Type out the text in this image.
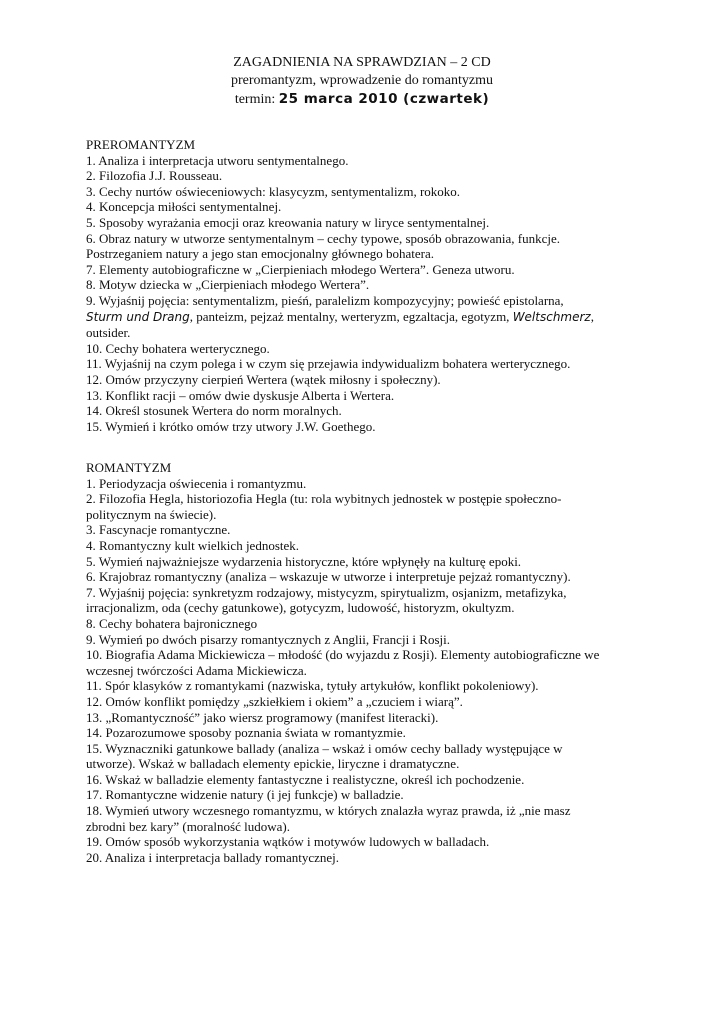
ZAGADNIENIA NA SPRAWDZIAN – 2 CD
preromantyzm, wprowadzenie do romantyzmu
termin: 25 marca 2010 (czwartek)
PREROMANTYZM
1. Analiza i interpretacja utworu sentymentalnego.
2. Filozofia J.J. Rousseau.
3. Cechy nurtów oświeceniowych: klasycyzm, sentymentalizm, rokoko.
4. Koncepcja miłości sentymentalnej.
5. Sposoby wyrażania emocji oraz kreowania natury w liryce sentymentalnej.
6. Obraz natury w utworze sentymentalnym – cechy typowe, sposób obrazowania, funkcje.
Postrzeganiem natury a jego stan emocjonalny głównego bohatera.
7. Elementy autobiograficzne w „Cierpieniach młodego Wertera”. Geneza utworu.
8. Motyw dziecka w „Cierpieniach młodego Wertera”.
9. Wyjaśnij pojęcia: sentymentalizm, pieśń, paralelizm kompozycyjny; powieść epistolarna,
Sturm und Drang, panteizm, pejzaż mentalny, werteryzm, egzaltacja, egotyzm, Weltschmerz,
outsider.
10. Cechy bohatera werterycznego.
11. Wyjaśnij na czym polega i w czym się przejawia indywidualizm bohatera werterycznego.
12. Omów przyczyny cierpień Wertera (wątek miłosny i społeczny).
13. Konflikt racji – omów dwie dyskusje Alberta i Wertera.
14. Określ stosunek Wertera do norm moralnych.
15. Wymień i krótko omów trzy utwory J.W. Goethego.
ROMANTYZM
1. Periodyzacja oświecenia i romantyzmu.
2. Filozofia Hegla, historiozofia Hegla (tu: rola wybitnych jednostek w postępie społeczno-
politycznym na świecie).
3. Fascynacje romantyczne.
4. Romantyczny kult wielkich jednostek.
5. Wymień najważniejsze wydarzenia historyczne, które wpłynęły na kulturę epoki.
6. Krajobraz romantyczny (analiza – wskazuje w utworze i interpretuje pejzaż romantyczny).
7. Wyjaśnij pojęcia: synkretyzm rodzajowy, mistycyzm, spirytualizm, osjanizm, metafizyka,
irracjonalizm, oda (cechy gatunkowe), gotycyzm, ludowość, historyzm, okultyzm.
8. Cechy bohatera bajronicznego
9. Wymień po dwóch pisarzy romantycznych z Anglii, Francji i Rosji.
10. Biografia Adama Mickiewicza – młodość (do wyjazdu z Rosji). Elementy autobiograficzne we
wczesnej twórczości Adama Mickiewicza.
11. Spór klasyków z romantykami (nazwiska, tytuły artykułów, konflikt pokoleniowy).
12. Omów konflikt pomiędzy „szkiełkiem i okiem” a „czuciem i wiarą”.
13. „Romantyczność” jako wiersz programowy (manifest literacki).
14. Pozarozumowe sposoby poznania świata w romantyzmie.
15. Wyznaczniki gatunkowe ballady (analiza – wskaż i omów cechy ballady występujące w
utworze). Wskaż w balladach elementy epickie, liryczne i dramatyczne.
16. Wskaż w balladzie elementy fantastyczne i realistyczne, określ ich pochodzenie.
17. Romantyczne widzenie natury (i jej funkcje) w balladzie.
18. Wymień utwory wczesnego romantyzmu, w których znalazła wyraz prawda, iż „nie masz
zbrodni bez kary” (moralność ludowa).
19. Omów sposób wykorzystania wątków i motywów ludowych w balladach.
20. Analiza i interpretacja ballady romantycznej.
